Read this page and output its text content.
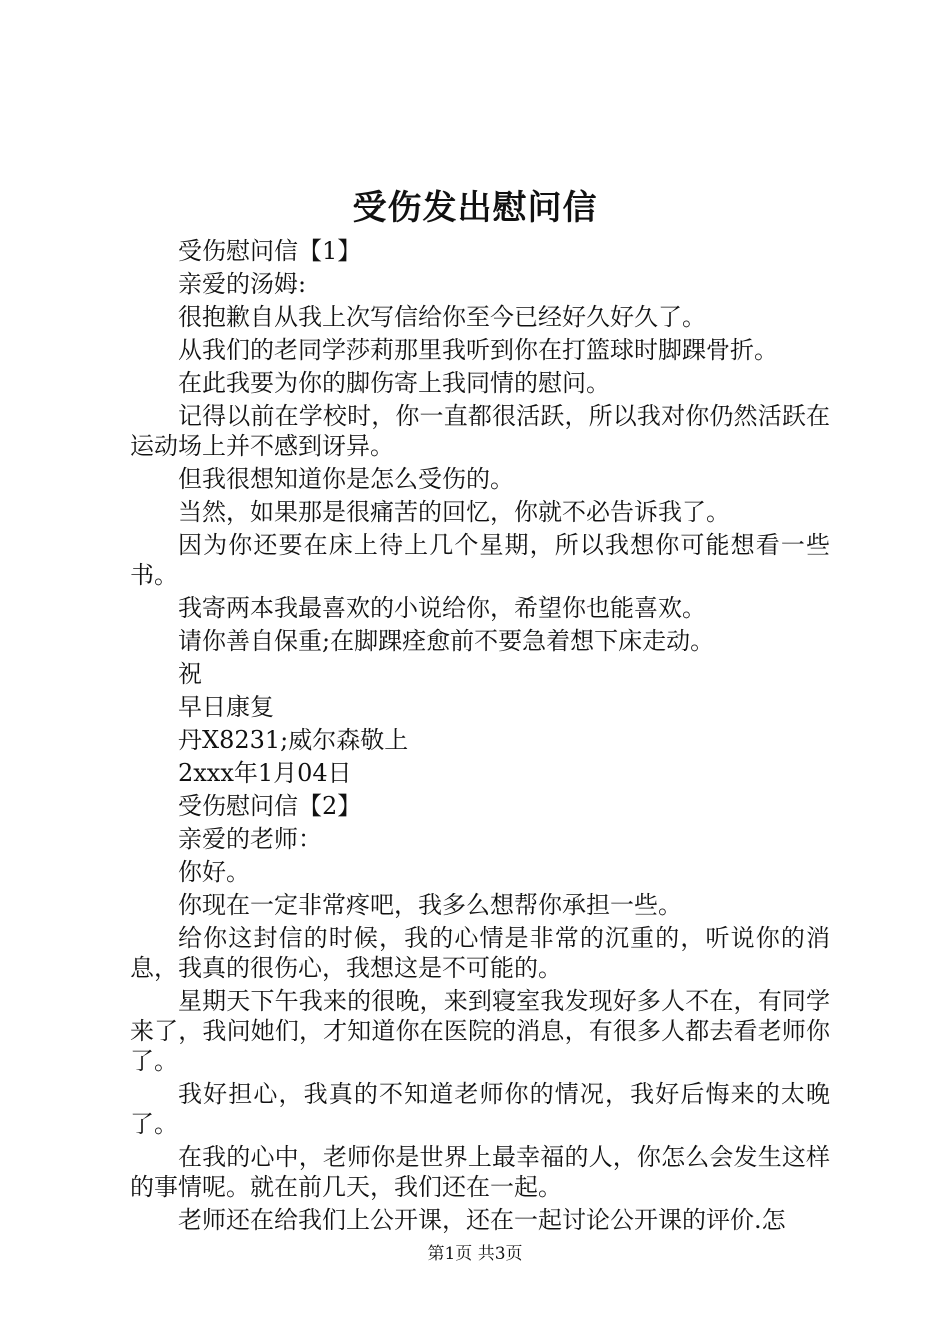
受伤发出慰问信

受伤慰问信【1】

亲爱的汤姆:

很抱歉自从我上次写信给你至今已经好久好久了。

从我们的老同学莎莉那里我听到你在打篮球时脚踝骨折。

在此我要为你的脚伤寄上我同情的慰问。

记得以前在学校时，你一直都很活跃，所以我对你仍然活跃在运动场上并不感到讶异。

但我很想知道你是怎么受伤的。

当然，如果那是很痛苦的回忆，你就不必告诉我了。

因为你还要在床上待上几个星期，所以我想你可能想看一些书。

我寄两本我最喜欢的小说给你，希望你也能喜欢。

请你善自保重;在脚踝痊愈前不要急着想下床走动。

祝

早日康复

丹X8231;威尔森敬上

2xxx年1月04日

受伤慰问信【2】

亲爱的老师：

你好。

你现在一定非常疼吧，我多么想帮你承担一些。

给你这封信的时候，我的心情是非常的沉重的，听说你的消息，我真的很伤心，我想这是不可能的。

星期天下午我来的很晚，来到寝室我发现好多人不在，有同学来了，我问她们，才知道你在医院的消息，有很多人都去看老师你了。

我好担心，我真的不知道老师你的情况，我好后悔来的太晚了。

在我的心中，老师你是世界上最幸福的人，你怎么会发生这样的事情呢。就在前几天，我们还在一起。

老师还在给我们上公开课，还在一起讨论公开课的评价.怎

第1页 共3页
